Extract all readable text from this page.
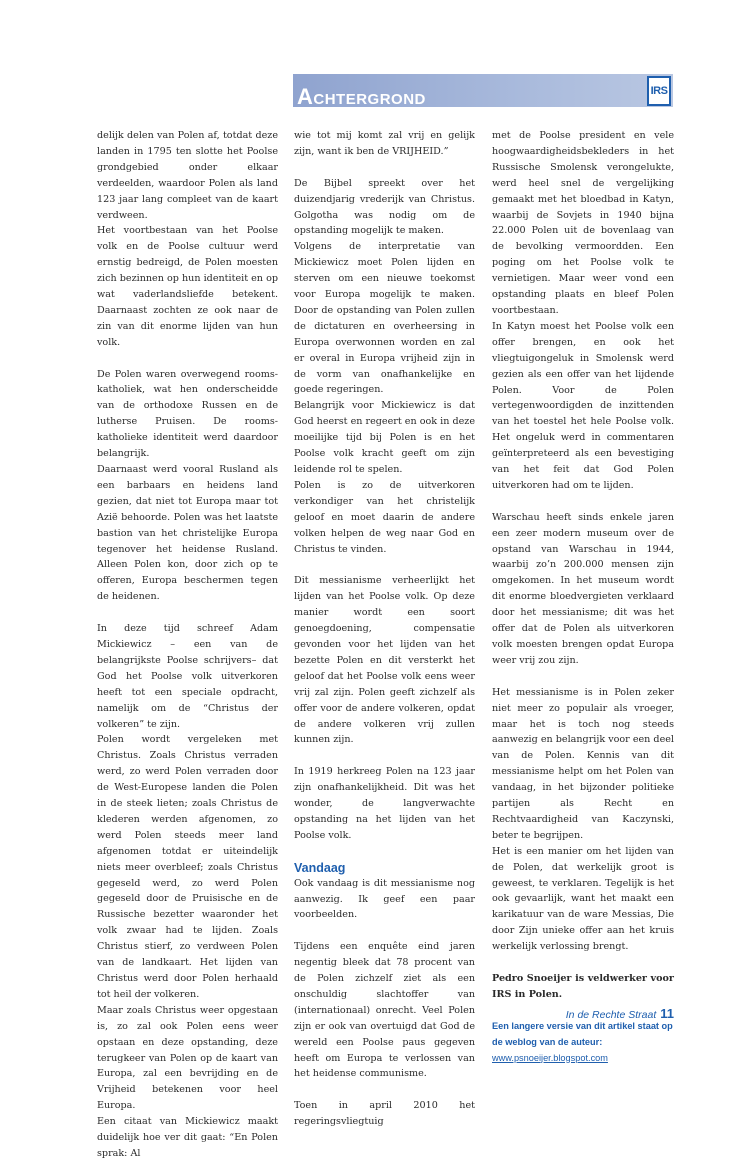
Achtergrond	IRS

delijk delen van Polen af, totdat deze landen in 1795 ten slotte het Poolse grondgebied onder elkaar verdeelden, waardoor Polen als land 123 jaar lang compleet van de kaart verdween.

Het voortbestaan van het Poolse volk en de Poolse cultuur werd ernstig bedreigd, de Polen moesten zich bezinnen op hun identiteit en op wat vaderlandsliefde betekent. Daarnaast zochten ze ook naar de zin van dit enorme lijden van hun volk.

De Polen waren overwegend rooms-katholiek, wat hen onderscheidde van de orthodoxe Russen en de lutherse Pruisen. De rooms-katholieke identiteit werd daardoor belangrijk.

Daarnaast werd vooral Rusland als een barbaars en heidens land gezien, dat niet tot Europa maar tot Azië behoorde. Polen was het laatste bastion van het christelijke Europa tegenover het heidense Rusland. Alleen Polen kon, door zich op te offeren, Europa beschermen tegen de heidenen.

In deze tijd schreef Adam Mickiewicz – een van de belangrijkste Poolse schrijvers– dat God het Poolse volk uitverkoren heeft tot een speciale opdracht, namelijk om de “Christus der volkeren” te zijn.

Polen wordt vergeleken met Christus. Zoals Christus verraden werd, zo werd Polen verraden door de West-Europese landen die Polen in de steek lieten; zoals Christus de klederen werden afgenomen, zo werd Polen steeds meer land afgenomen totdat er uiteindelijk niets meer overbleef; zoals Christus gegeseld werd, zo werd Polen gegeseld door de Pruisische en de Russische bezetter waaronder het volk zwaar had te lijden. Zoals Christus stierf, zo verdween Polen van de landkaart. Het lijden van Christus werd door Polen herhaald tot heil der volkeren.

Maar zoals Christus weer opgestaan is, zo zal ook Polen eens weer opstaan en deze opstanding, deze terugkeer van Polen op de kaart van Europa, zal een bevrijding en de Vrijheid betekenen voor heel Europa.

Een citaat van Mickiewicz maakt duidelijk hoe ver dit gaat: “En Polen sprak: Al

wie tot mij komt zal vrij en gelijk zijn, want ik ben de VRIJHEID.”

De Bijbel spreekt over het duizendjarig vrederijk van Christus. Golgotha was nodig om de opstanding mogelijk te maken.

Volgens de interpretatie van Mickiewicz moet Polen lijden en sterven om een nieuwe toekomst voor Europa mogelijk te maken. Door de opstanding van Polen zullen de dictaturen en overheersing in Europa overwonnen worden en zal er overal in Europa vrijheid zijn in de vorm van onafhankelijke en goede regeringen.

Belangrijk voor Mickiewicz is dat God heerst en regeert en ook in deze moeilijke tijd bij Polen is en het Poolse volk kracht geeft om zijn leidende rol te spelen.

Polen is zo de uitverkoren verkondiger van het christelijk geloof en moet daarin de andere volken helpen de weg naar God en Christus te vinden.

Dit messianisme verheerlijkt het lijden van het Poolse volk. Op deze manier wordt een soort genoegdoening, compensatie gevonden voor het lijden van het bezette Polen en dit versterkt het geloof dat het Poolse volk eens weer vrij zal zijn. Polen geeft zichzelf als offer voor de andere volkeren, opdat de andere volkeren vrij zullen kunnen zijn.

In 1919 herkreeg Polen na 123 jaar zijn onafhankelijkheid. Dit was het wonder, de langverwachte opstanding na het lijden van het Poolse volk.

Vandaag

Ook vandaag is dit messianisme nog aanwezig. Ik geef een paar voorbeelden.

Tijdens een enquête eind jaren negentig bleek dat 78 procent van de Polen zichzelf ziet als een onschuldig slachtoffer van (internationaal) onrecht. Veel Polen zijn er ook van overtuigd dat God de wereld een Poolse paus gegeven heeft om Europa te verlossen van het heidense communisme.

Toen in april 2010 het regeringsvliegtuig

met de Poolse president en vele hoogwaardigheidsbekleders in het Russische Smolensk verongelukte, werd heel snel de vergelijking gemaakt met het bloedbad in Katyn, waarbij de Sovjets in 1940 bijna 22.000 Polen uit de bovenlaag van de bevolking vermoordden. Een poging om het Poolse volk te vernietigen. Maar weer vond een opstanding plaats en bleef Polen voortbestaan.

In Katyn moest het Poolse volk een offer brengen, en ook het vliegtuigongeluk in Smolensk werd gezien als een offer van het lijdende Polen. Voor de Polen vertegenwoordigden de inzittenden van het toestel het hele Poolse volk. Het ongeluk werd in commentaren geïnterpreteerd als een bevestiging van het feit dat God Polen uitverkoren had om te lijden.

Warschau heeft sinds enkele jaren een zeer modern museum over de opstand van Warschau in 1944, waarbij zo’n 200.000 mensen zijn omgekomen. In het museum wordt dit enorme bloedvergieten verklaard door het messianisme; dit was het offer dat de Polen als uitverkoren volk moesten brengen opdat Europa weer vrij zou zijn.

Het messianisme is in Polen zeker niet meer zo populair als vroeger, maar het is toch nog steeds aanwezig en belangrijk voor een deel van de Polen. Kennis van dit messianisme helpt om het Polen van vandaag, in het bijzonder politieke partijen als Recht en Rechtvaardigheid van Kaczynski, beter te begrijpen.

Het is een manier om het lijden van de Polen, dat werkelijk groot is geweest, te verklaren. Tegelijk is het ook gevaarlijk, want het maakt een karikatuur van de ware Messias, Die door Zijn unieke offer aan het kruis werkelijk verlossing brengt.

Pedro Snoeijer is veldwerker voor IRS in Polen.

Een langere versie van dit artikel staat op de weblog van de auteur:
www.psnoeijer.blogspot.com

In de Rechte Straat 11
